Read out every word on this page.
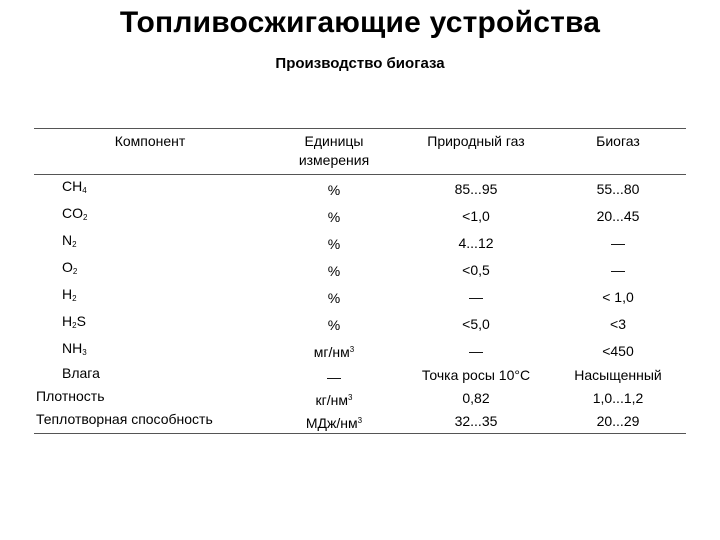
Топливосжигающие устройства
Производство биогаза
Компонент	Единицы измерения	Природный газ	Биогаз
$CH_4$	%	85...95	55...80
$CO_2$	%	<1,0	20...45
$N_2$	%	4...12	—
$O_2$	%	<0,5	—
$H_2$	%	—	< 1,0
$H_2S$	%	<5,0	<3
$NH_3$	$мг/нм^3$	—	<450
Влага	—	Точка росы 10°С	Насыщенный
Плотность	$кг/нм^3$	0,82	1,0...1,2
Теплотворная способность	МДж/$нм^3$	32...35	20...29
